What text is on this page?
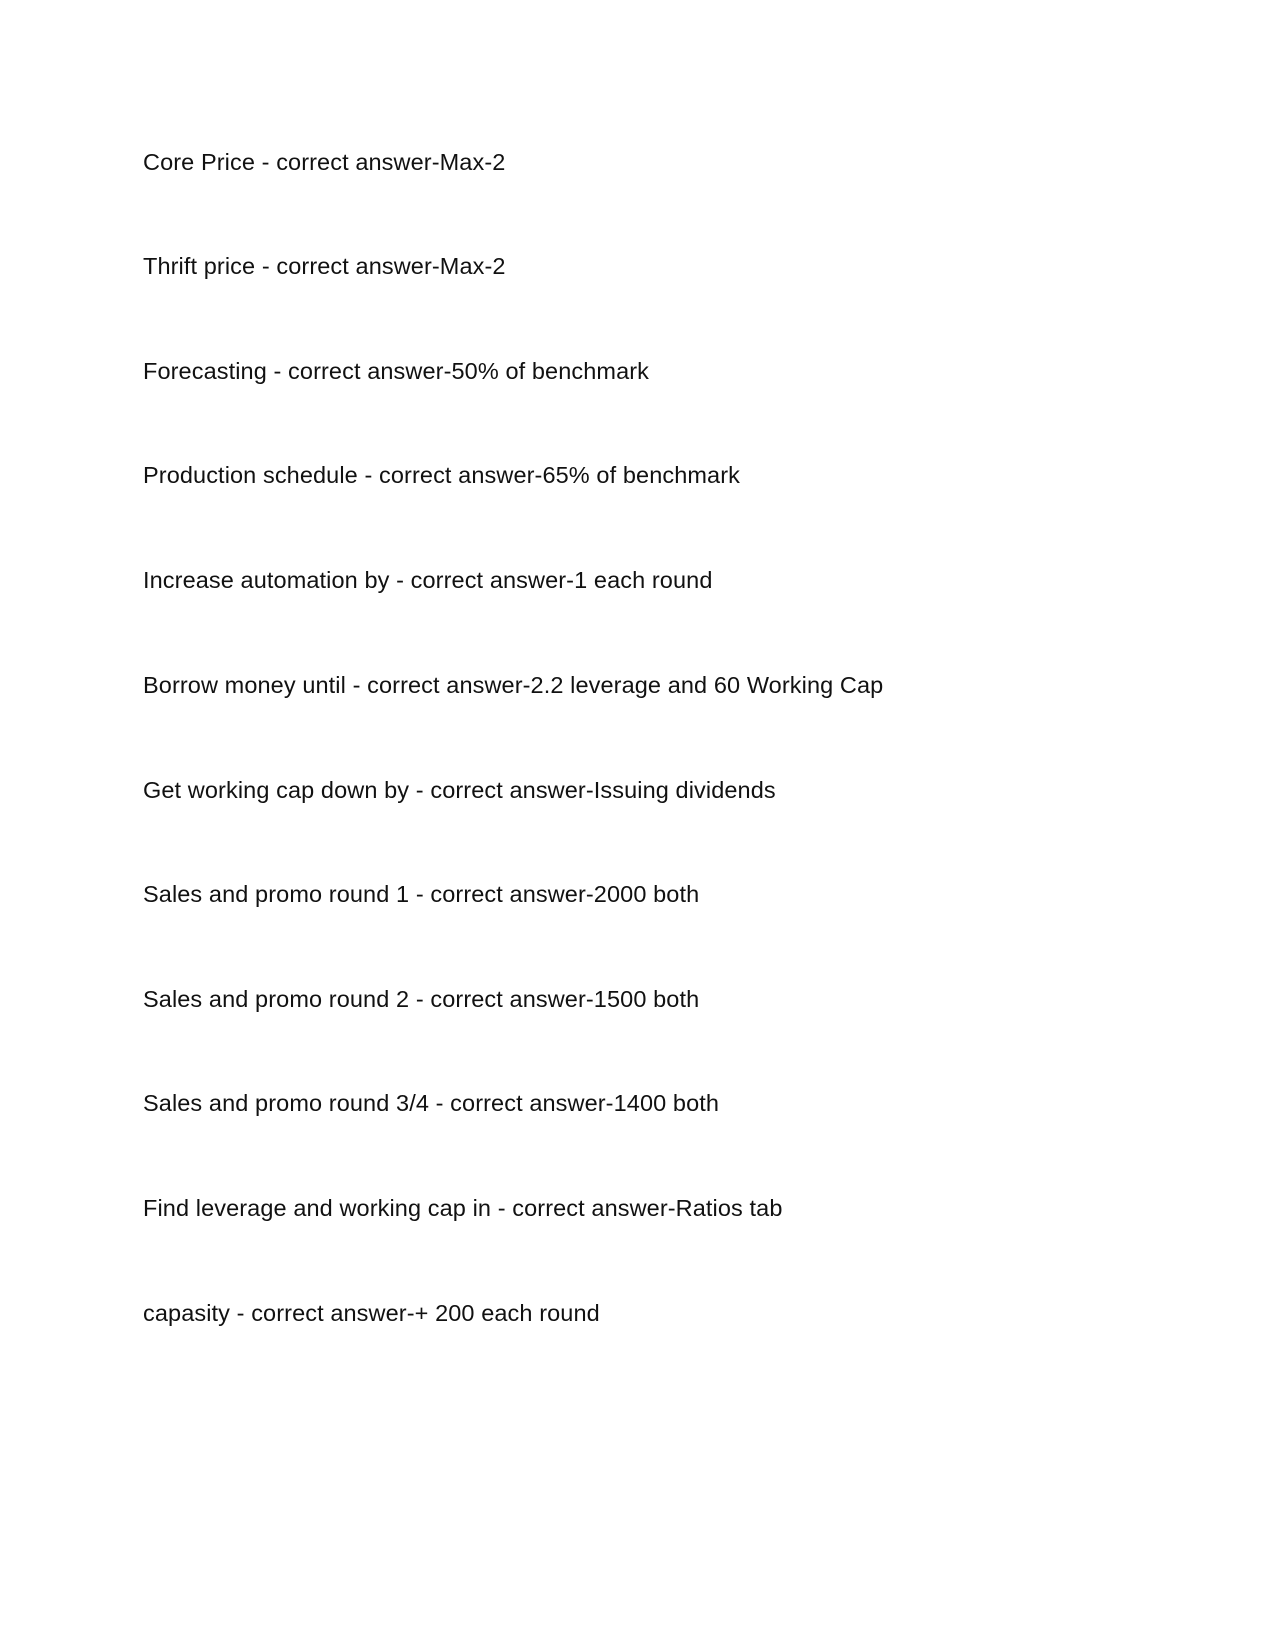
Core Price - correct answer-Max-2
Thrift price - correct answer-Max-2
Forecasting - correct answer-50% of benchmark
Production schedule - correct answer-65% of benchmark
Increase automation by - correct answer-1 each round
Borrow money until - correct answer-2.2 leverage and 60 Working Cap
Get working cap down by - correct answer-Issuing dividends
Sales and promo round 1 - correct answer-2000 both
Sales and promo round 2 - correct answer-1500 both
Sales and promo round 3/4 - correct answer-1400 both
Find leverage and working cap in - correct answer-Ratios tab
capasity - correct answer-+ 200 each round
